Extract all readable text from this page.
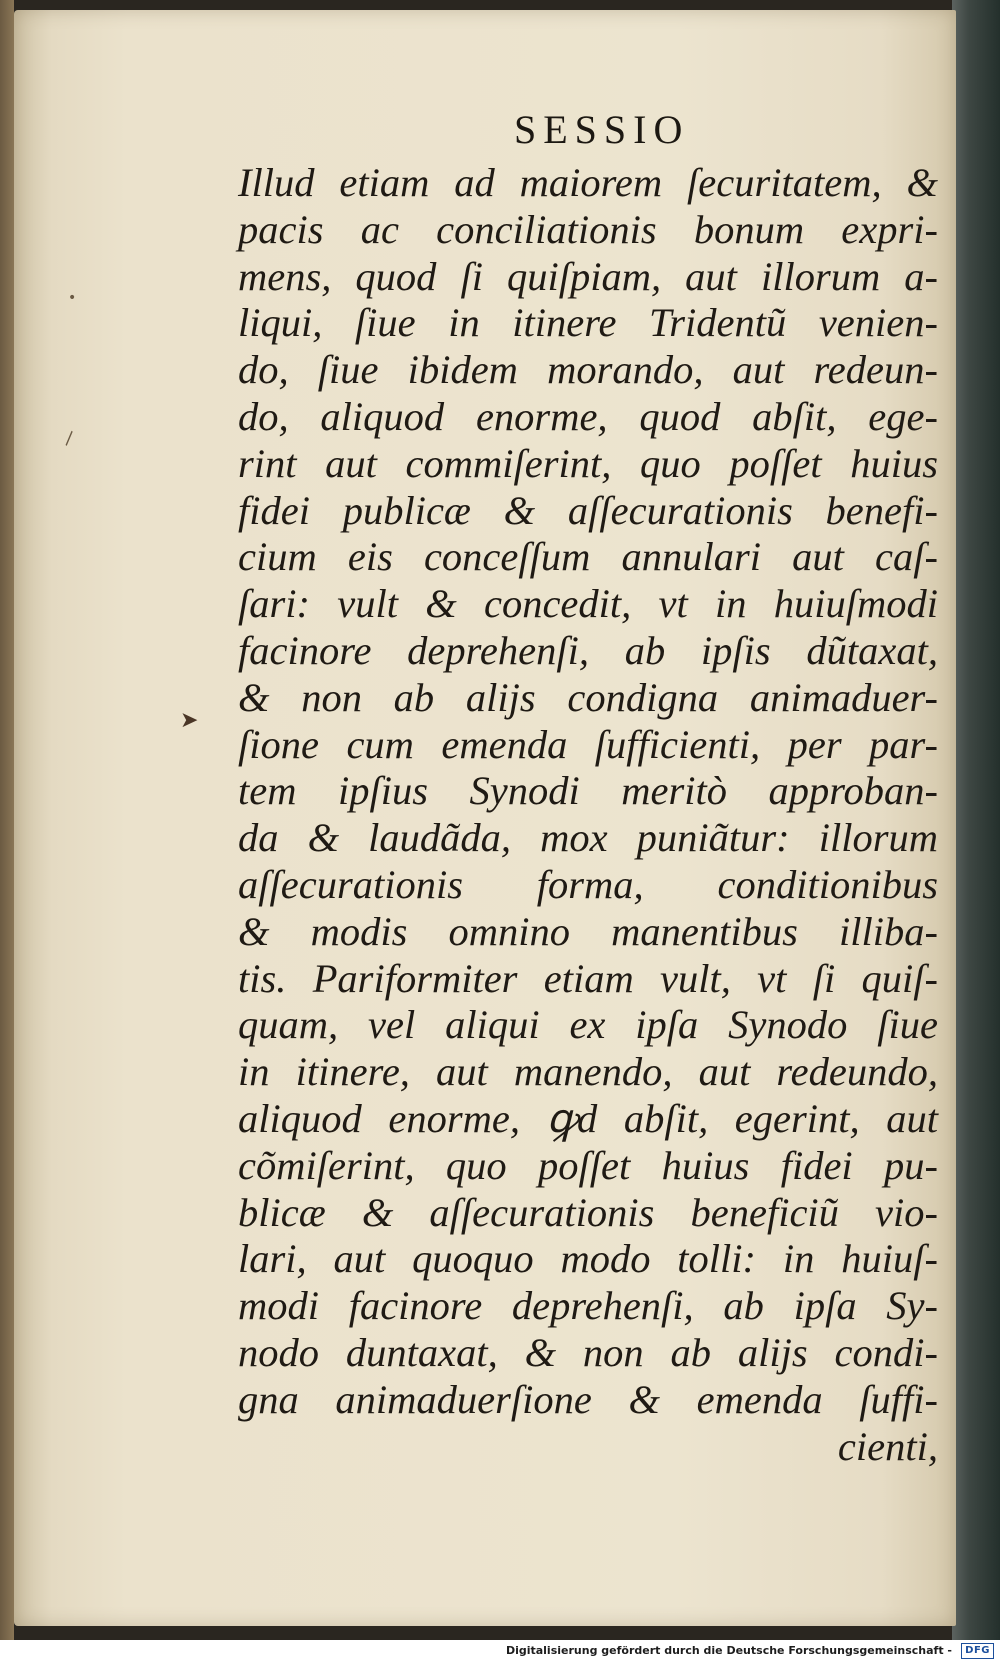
SESSIO
•
\
➤
Illud etiam ad maiorem ſecuritatem, &
pacis ac conciliationis bonum expri-
mens, quod ſi quiſpiam, aut illorum a-
liqui, ſiue in itinere Tridentũ venien-
do, ſiue ibidem morando, aut redeun-
do, aliquod enorme, quod abſit, ege-
rint aut commiſerint, quo poſſet huius
fidei publicæ & aſſecurationis benefi-
cium eis conceſſum annulari aut caſ-
ſari: vult & concedit, vt in huiuſmodi
facinore deprehenſi, ab ipſis dũtaxat,
& non ab alijs condigna animaduer-
ſione cum emenda ſufficienti, per par-
tem ipſius Synodi meritò approban-
da & laudãda, mox puniãtur: illorum
aſſecurationis forma, conditionibus
& modis omnino manentibus illiba-
tis. Pariformiter etiam vult, vt ſi quiſ-
quam, vel aliqui ex ipſa Synodo ſiue
in itinere, aut manendo, aut redeundo,
aliquod enorme, ꝙd abſit, egerint, aut
cõmiſerint, quo poſſet huius fidei pu-
blicæ & aſſecurationis beneficiũ vio-
lari, aut quoquo modo tolli: in huiuſ-
modi facinore deprehenſi, ab ipſa Sy-
nodo duntaxat, & non ab alijs condi-
gna animaduerſione & emenda ſuffi-
cienti,
Digitalisierung gefördert durch die Deutsche Forschungsgemeinschaft -	DFG
